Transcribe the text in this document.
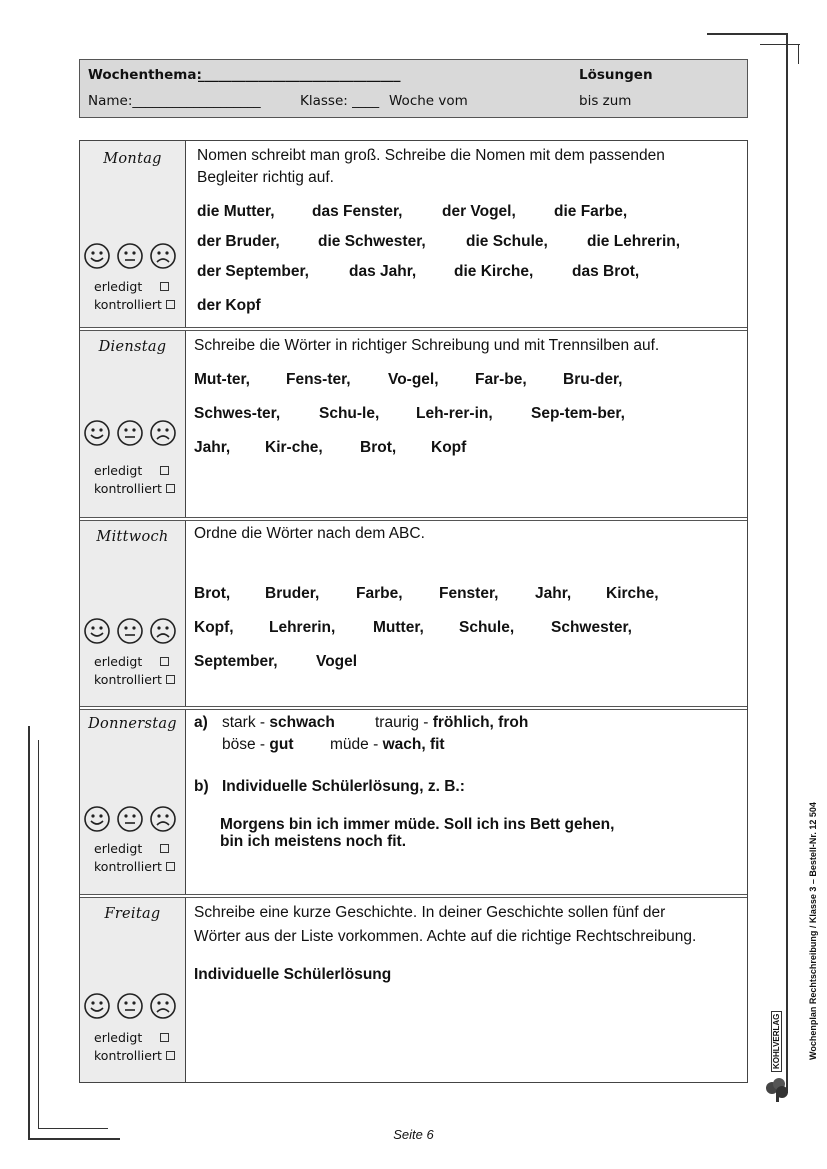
Wochenthema:
______________________________	Lösungen
Name:___________________	Klasse: ____ Woche vom	bis zum
Montag
erledigt
kontrolliert
Nomen schreibt man groß. Schreibe die Nomen mit dem passenden
Begleiter richtig auf.
die Mutter, das Fenster,	der Vogel, die Farbe,
der Bruder, die Schwester,	die Schule,	die Lehrerin,
der September,	das Jahr, die Kirche,	das Brot,
der Kopf
Dienstag
erledigt
kontrolliert
Schreibe die Wörter in richtiger Schreibung und mit Trennsilben auf.
Mut-ter, Fens-ter, Vo-gel, Far-be, Bru-der,
Schwes-ter,	Schu-le, Leh-rer-in, Sep-tem-ber,
Jahr, Kir-che, Brot, Kopf
Mittwoch
erledigt
kontrolliert
Ordne die Wörter nach dem ABC.
Brot, Bruder, Farbe, Fenster, Jahr, Kirche,
Kopf, Lehrerin, Mutter, Schule, Schwester,
September, Vogel
Donnerstag
erledigt
kontrolliert
a) stark - schwach	traurig - fröhlich, froh
böse - gut müde - wach, fit
b) Individuelle Schülerlösung, z. B.:
Morgens bin ich immer müde. Soll ich ins Bett gehen,
bin ich meistens noch fit.
Freitag
erledigt
kontrolliert
Schreibe eine kurze Geschichte. In deiner Geschichte sollen fünf der
Wörter aus der Liste vorkommen. Achte auf die richtige Rechtschreibung.
Individuelle Schülerlösung
Seite 6
Wochenplan Rechtschreibung / Klasse 3 – Bestell-Nr. 12 504
KOHLVERLAG
